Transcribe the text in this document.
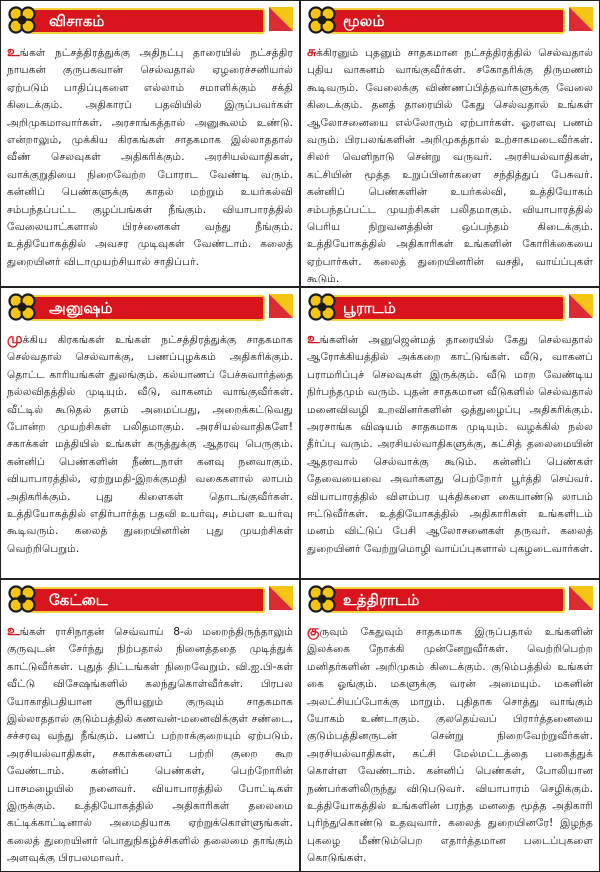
விசாகம்

உங்கள் நட்சத்திரத்துக்கு அதிநட்பு தாரையில் நட்சத்திர நாயகன் குருபகவான் செல்வதால் ஏழரைச்சனியால் ஏற்படும் பாதிப்புகளை எல்லாம் சமாளிக்கும் சக்தி கிடைக்கும். அதிகாரப் பதவியில் இருப்பவர்கள் அறிமுகமாவார்கள். அரசாங்கத்தால் அனுகூலம் உண்டு. என்றாலும், முக்கிய கிரகங்கள் சாதகமாக இல்லாததால் வீண் செலவுகள் அதிகரிக்கும். அரசியல்வாதிகள், வாக்குறுதியை நிறைவேற்ற போராட வேண்டி வரும். கன்னிப் பெண்களுக்கு காதல் மற்றும் உயர்கல்வி சம்பந்தப்பட்ட குழப்பங்கள் நீங்கும். வியாபாரத்தில் வேலையாட்களால் பிரச்னைகள் வந்து நீங்கும். உத்தியோகத்தில் அவசர முடிவுகள் வேண்டாம். கலைத் துறையினர் விடாமுயற்சியால் சாதிப்பர்.

மூலம்

சுக்கிரனும் புதனும் சாதகமான நட்சத்திரத்தில் செல்வதால் புதிய வாகனம் வாங்குவீர்கள். சகோதரிக்கு திருமணம் கூடிவரும். வேலைக்கு விண்ணப்பித்தவர்களுக்கு வேலை கிடைக்கும். தனத் தாரையில் கேது செல்வதால் உங்கள் ஆலோசனையை எல்லோரும் ஏற்பார்கள். ஓரளவு பணம் வரும். பிரபலங்களின் அறிமுகத்தால் உற்சாகமடைவீர்கள். சிலர் வெளிநாடு சென்று வருவர். அரசியல்வாதிகள், கட்சியின் மூத்த உறுப்பினர்களை சந்தித்துப் பேசுவர். கன்னிப் பெண்களின் உயர்கல்வி, உத்தியோகம் சம்பந்தப்பட்ட முயற்சிகள் பலிதமாகும். வியாபாரத்தில் பெரிய நிறுவனத்தின் ஒப்பந்தம் கிடைக்கும். உத்தியோகத்தில் அதிகாரிகள் உங்களின் கோரிக்கையை ஏற்பார்கள். கலைத் துறையினரின் வசதி, வாய்ப்புகள் கூடும்.

அனுஷம்

முக்கிய கிரகங்கள் உங்கள் நட்சத்திரத்துக்கு சாதகமாக செல்வதால் செல்வாக்கு, பணப்புழக்கம் அதிகரிக்கும். தொட்ட காரியங்கள் துலங்கும். கல்யாணப் பேச்சுவார்த்தை நல்லவிதத்தில் முடியும். வீடு, வாகனம் வாங்குவீர்கள். வீட்டில் கூடுதல் தளம் அமைப்பது, அறைக்கட்டுவது போன்ற முயற்சிகள் பலிதமாகும். அரசியல்வாதிகளே! சகாக்கள் மத்தியில் உங்கள் கருத்துக்கு ஆதரவு பெருகும். கன்னிப் பெண்களின் நீண்டநாள் கனவு நனவாகும். வியாபாரத்தில், ஏற்றுமதி-இறக்குமதி வகைகளால் லாபம் அதிகரிக்கும். புது கிளைகள் தொடங்குவீர்கள். உத்தியோகத்தில் எதிர்பார்த்த பதவி உயர்வு, சம்பள உயர்வு கூடிவரும். கலைத் துறையினரின் புது முயற்சிகள் வெற்றிபெறும்.

பூராடம்

உங்களின் அனுஜென்மத் தாரையில் கேது செல்வதால் ஆரோக்கியத்தில் அக்கறை காட்டுங்கள். வீடு, வாகனப் பராமரிப்புச் செலவுகள் இருக்கும். வீடு மாற வேண்டிய நிர்பந்தமும் வரும். புதன் சாதகமான வீடுகளில் செல்வதால் மனைவிவழி உறவினர்களின் ஒத்துழைப்பு அதிகரிக்கும். அரசாங்க விஷயம் சாதகமாக முடியும். வழக்கில் நல்ல தீர்ப்பு வரும். அரசியல்வாதிகளுக்கு, கட்சித் தலைமையின் ஆதரவால் செல்வாக்கு கூடும். கன்னிப் பெண்கள் தேவையைவை அவர்களது பெற்றோர் பூர்த்தி செய்வர். வியாபாரத்தில் விளம்பர யுக்திகளை கையாண்டு லாபம் ஈட்டுவீர்கள். உத்தியோகத்தில் அதிகாரிகள் உங்களிடம் மனம் விட்டுப் பேசி ஆலோசனைகள் தருவர். கலைத் துறையினர் வேற்றுமொழி வாய்ப்புகளால் புகழடைவார்கள்.

கேட்டை

உங்கள் ராசிநாதன் செவ்வாய் 8-ல் மறைந்திருந்தாலும் குருவுடன் சேர்ந்து நிற்பதால் நினைத்ததை முடித்துக் காட்டுவீர்கள். புதுத் திட்டங்கள் நிறைவேறும். வி.ஐ.பி-கள் வீட்டு விசேஷங்களில் கலந்துகொள்வீர்கள். பிரபல யோகாதிபதியான சூரியனும் குருவும் சாதகமாக இல்லாததால் குடும்பத்தில் கணவன்-மனைவிக்குள் சண்டை, சச்சரவு வந்து நீங்கும். பணப் பற்றாக்குறையும் ஏற்படும். அரசியல்வாதிகள், சகாக்களைப் பற்றி குறை கூற வேண்டாம். கன்னிப் பெண்கள், பெற்றோரின் பாசமழையில் நனைவர். வியாபாரத்தில் போட்டிகள் இருக்கும். உத்தியோகத்தில் அதிகாரிகள் தலைமை கட்டிக்காட்டினால் அமைதியாக ஏற்றுக்கொள்ளுங்கள். கலைத் துறையினர் பொதுநிகழ்ச்சிகளில் தலைமை தாங்கும் அளவுக்கு பிரபலமாவர்.

உத்திராடம்

குருவும் கேதுவும் சாதகமாக இருப்பதால் உங்களின் இலக்கை நோக்கி முன்னேறுவீர்கள். வெற்றிபெற்ற மனிதர்களின் அறிமுகம் கிடைக்கும். குடும்பத்தில் உங்கள் கை ஓங்கும். மகளுக்கு வரன் அமையும். மகனின் அலட்சியப்போக்கு மாறும். புதிதாக சொத்து வாங்கும் யோகம் உண்டாகும். குலதெய்வப் பிரார்த்தனையை குடும்பத்தினருடன் சென்று நிறைவேற்றுவீர்கள். அரசியல்வாதிகள், கட்சி மேல்மட்டத்தை பகைத்துக் கொள்ள வேண்டாம். கன்னிப் பெண்கள், போலியான நண்பர்களிலிருந்து விடுபடுவர். வியாபாரம் செழிக்கும். உத்தியோகத்தில் உங்களின் பரந்த மனதை மூத்த அதிகாரி புரிந்துகொண்டு உதவுவார். கலைத் துறையினரே! இழந்த புகழை மீண்டும்பெற எதார்த்தமான படைப்புகளை கொடுங்கள்.
